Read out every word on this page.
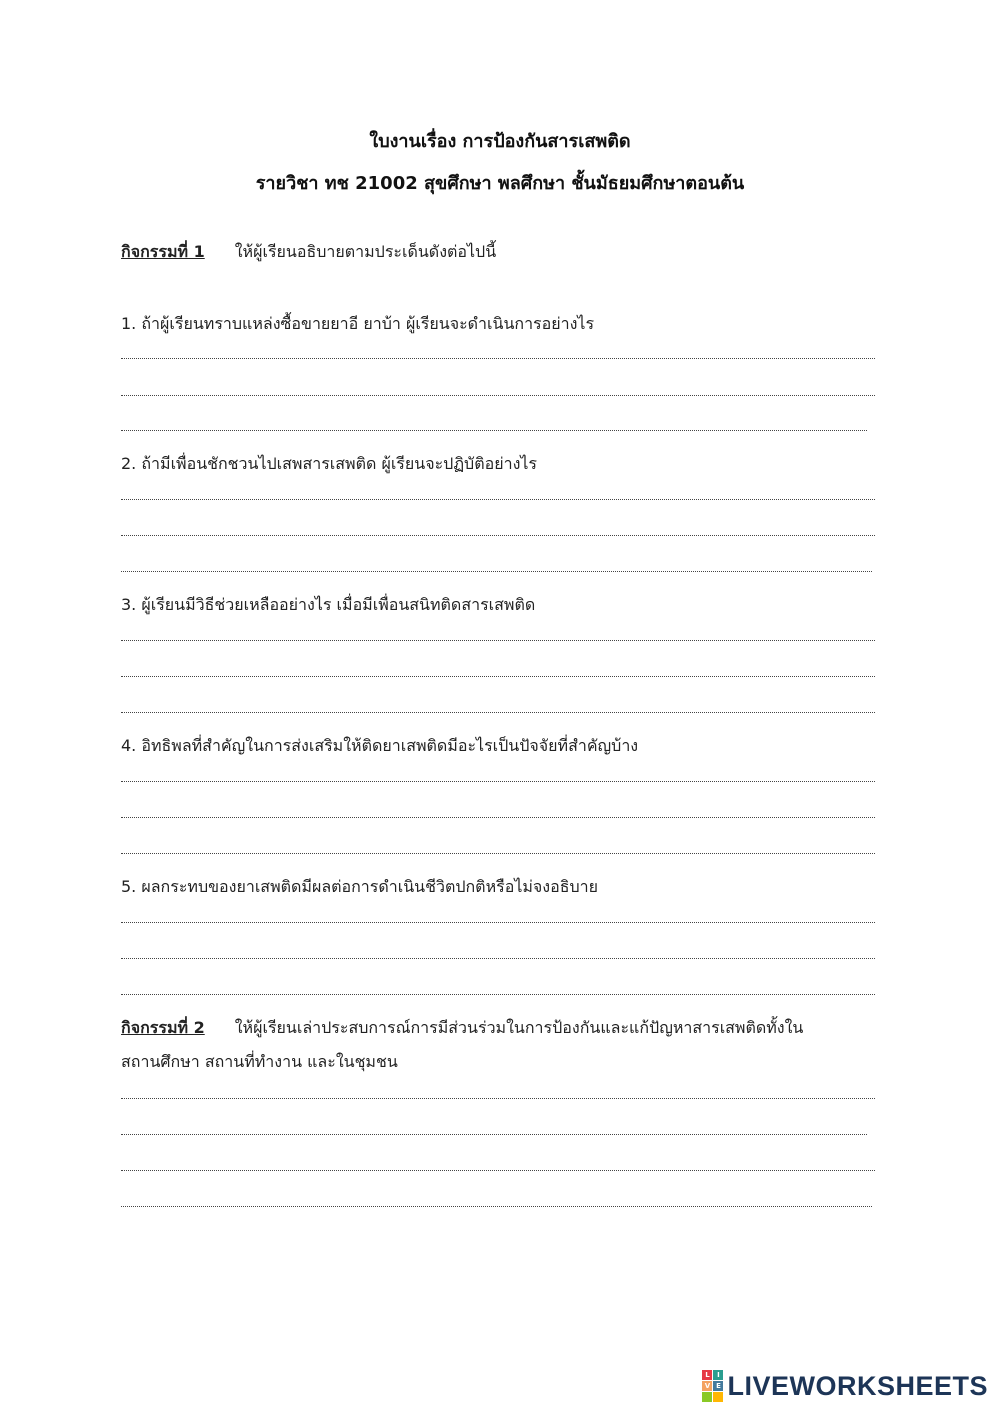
ใบงานเรื่อง การป้องกันสารเสพติด
รายวิชา ทช 21002 สุขศึกษา พลศึกษา ชั้นมัธยมศึกษาตอนต้น
กิจกรรมที่ 1 ให้ผู้เรียนอธิบายตามประเด็นดังต่อไปนี้
1. ถ้าผู้เรียนทราบแหล่งซื้อขายยาอี ยาบ้า ผู้เรียนจะดำเนินการอย่างไร
2. ถ้ามีเพื่อนชักชวนไปเสพสารเสพติด ผู้เรียนจะปฏิบัติอย่างไร
3. ผู้เรียนมีวิธีช่วยเหลืออย่างไร เมื่อมีเพื่อนสนิทติดสารเสพติด
4. อิทธิพลที่สำคัญในการส่งเสริมให้ติดยาเสพติดมีอะไรเป็นปัจจัยที่สำคัญบ้าง
5. ผลกระทบของยาเสพติดมีผลต่อการดำเนินชีวิตปกติหรือไม่จงอธิบาย
กิจกรรมที่ 2 ให้ผู้เรียนเล่าประสบการณ์การมีส่วนร่วมในการป้องกันและแก้ปัญหาสารเสพติดทั้งใน
สถานศึกษา สถานที่ทำงาน และในชุมชน
L	I
V E LIVEWORKSHEETS
